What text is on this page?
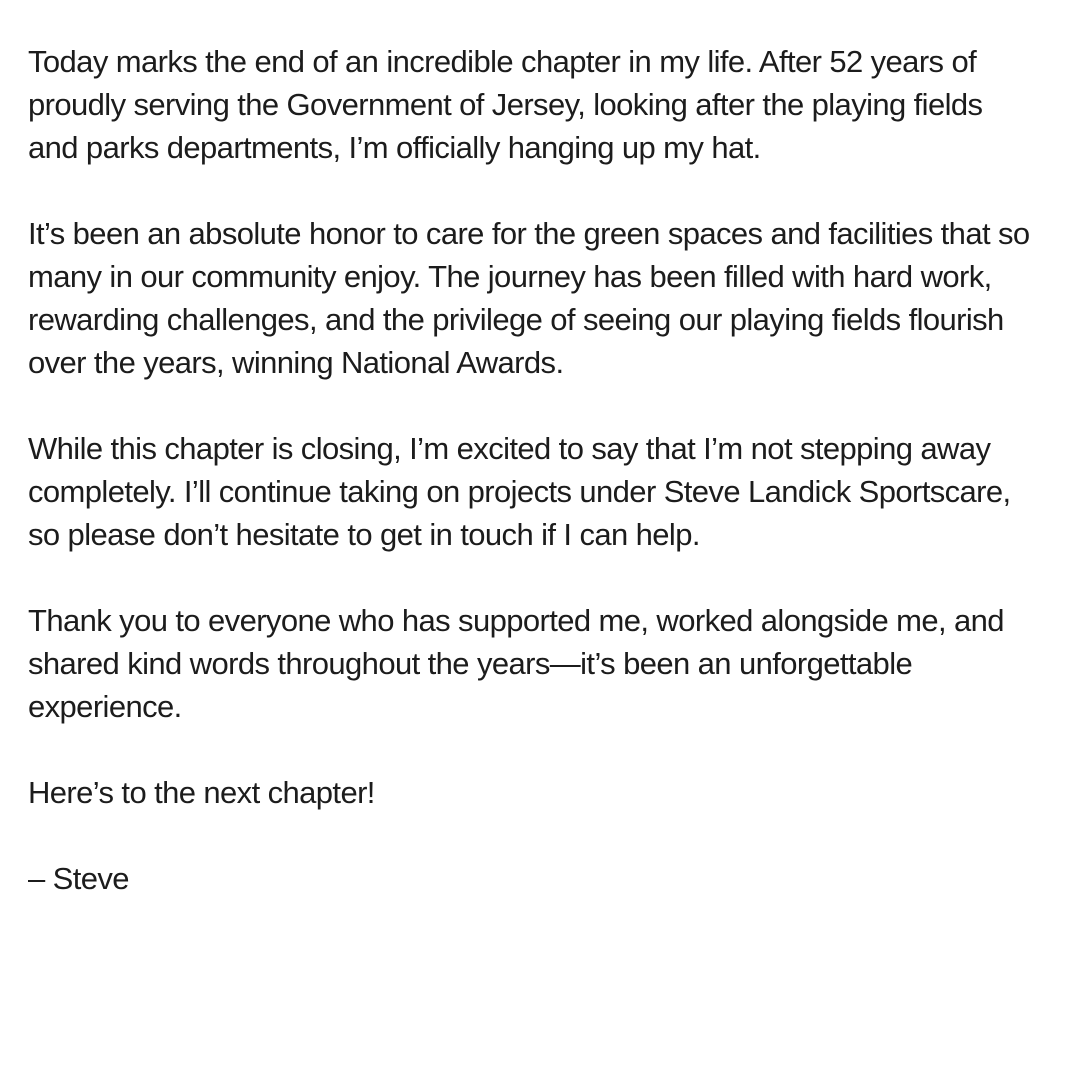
Today marks the end of an incredible chapter in my life. After 52 years of proudly serving the Government of Jersey, looking after the playing fields and parks departments, I’m officially hanging up my hat.

It’s been an absolute honor to care for the green spaces and facilities that so many in our community enjoy. The journey has been filled with hard work, rewarding challenges, and the privilege of seeing our playing fields flourish over the years, winning National Awards.

While this chapter is closing, I’m excited to say that I’m not stepping away completely. I’ll continue taking on projects under Steve Landick Sportscare, so please don’t hesitate to get in touch if I can help.

Thank you to everyone who has supported me, worked alongside me, and shared kind words throughout the years—it’s been an unforgettable experience.

Here’s to the next chapter!

– Steve
